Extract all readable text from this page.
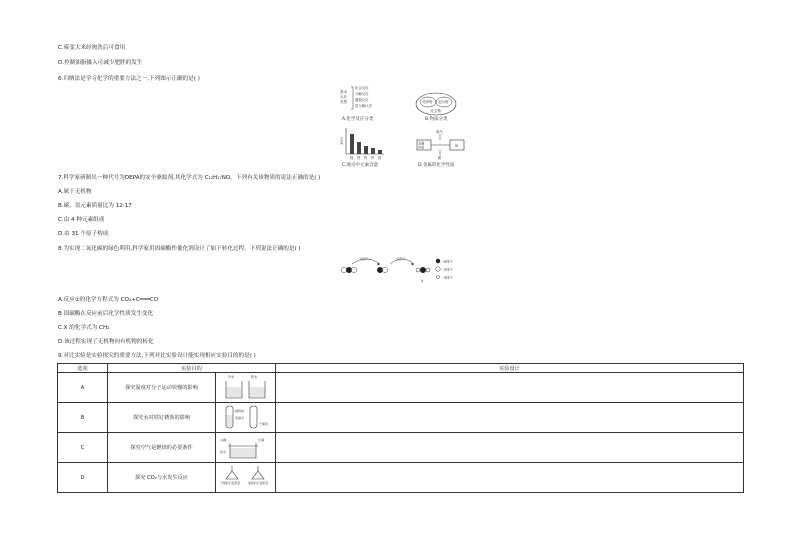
C.霉变大米经淘洗后可食用
D.控制油脂摄入可减少肥胖的发生
6.归纳法是学习化学的重要方法之一,下列图示正确的是( )
基本
反应
类型
化合反应
分解反应
置换反应
复分解反应
A.化学反应分类
纯净物 混合物
化合物
B.物质分类
含
量
镁 铁 钙 锌 钠
C.地壳中元素含量
氧气
金属
单质	盐
酸
D.金属的化学性质
7.科学家研制出一种代号为DEPA的安全驱蚊剂,其化学式为 C₁₂H₁₇NO。下列有关该物质的说法正确的是( )
A.属于无机物
B.碳、氢元素质量比为 12:17
C.由 4 种元素组成
D.由 31 个原子构成
8.为实现二氧化碳的绿色利用,科学家用固碳酶作催化剂设计了如下转化过程。下列说法正确的是( )
反应①	反应②
X
一碳原子
一氧原子
一氢原子
A.反应①的化学方程式为 CO₂+C═══CO
B.固碳酶在反应前后化学性质发生变化
C.X 的化学式为 CH₂
D.该过程实现了无机物向有机物的转化
9.对比实验是实验探究的重要方法,下列对比实验设计能实现相应实验目的的是( )
选项	实验目的		实验设计
A	探究温度对分子运动快慢的影响	冷水 热水	

B	探究水对铁钉锈蚀的影响	植物油
蒸馏水
干燥剂	

C	探究空气是燃烧的必要条件	白磷 红磷
热水	

D	探究 CO₂与水发生反应	干燥的石蕊纸花 湿润的石蕊纸花	
